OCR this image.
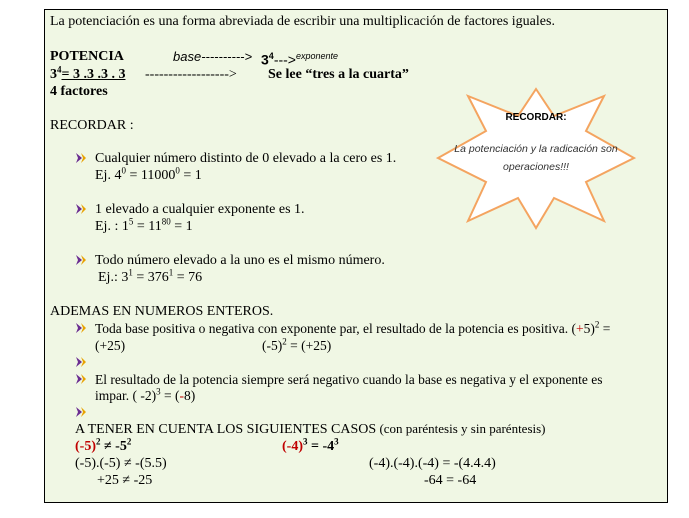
La potenciación es una forma abreviada de escribir una multiplicación de factores iguales.
POTENCIA	base----------> $3^4--->^{exponente}$
$3^4= 3$ .3 .3 . 3 ------------------> Se lee “tres a la cuarta”
4 factores
RECORDAR :
Cualquier número distinto de 0 elevado a la cero es 1.
Ej. $4^0 = 11000^0 = 1$
1 elevado a cualquier exponente es 1.
Ej. : $1^5 = 11^{80} = 1$
Todo número elevado a la uno es el mismo número.
Ej.: $3^1 = 376^1 = 76$
RECORDAR:
La potenciación y la radicación son
operaciones!!!
ADEMAS EN NUMEROS ENTEROS.
Toda base positiva o negativa con exponente par, el resultado de la potencia es positiva. $(+5)^2$ =
(+25)	$(-5)^2 = (+25)$
El resultado de la potencia siempre será negativo cuando la base es negativa y el exponente es
impar. ( -2)$^3$ = (-8)
A TENER EN CUENTA LOS SIGUIENTES CASOS (con paréntesis y sin paréntesis)
$(-5)^2 \ne -5^2$	$(-4)^3 = -4^3$
(-5).(-5) ≠ -(5.5)	(-4).(-4).(-4) = -(4.4.4)
+25 ≠ -25	-64 = -64
